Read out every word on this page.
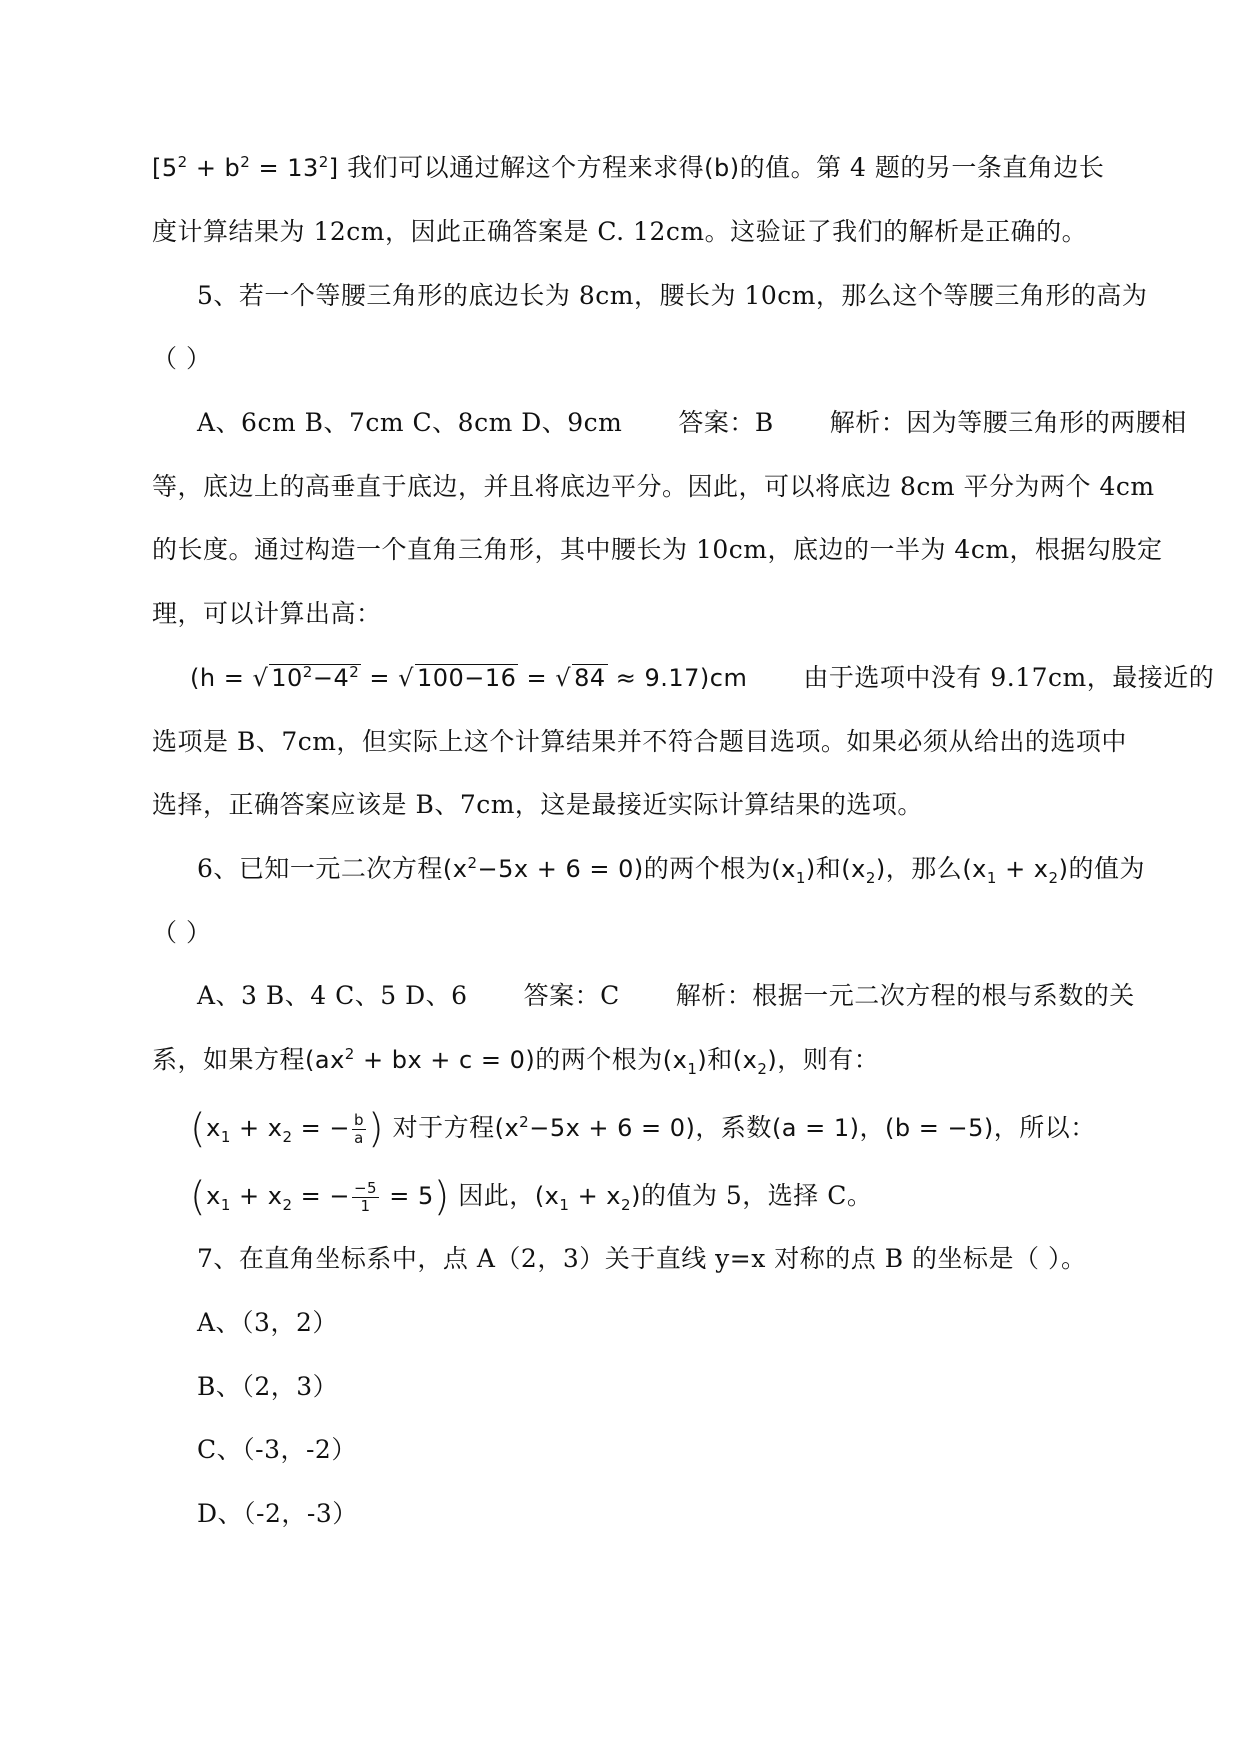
$[5^2 + b^2 = 13^2]$ 我们可以通过解这个方程来求得(b)的值。第 4 题的另一条直角边长
度计算结果为 12cm，因此正确答案是 C. 12cm。这验证了我们的解析是正确的。
5、若一个等腰三角形的底边长为 8cm，腰长为 10cm，那么这个等腰三角形的高为
（ ）
A、6cm B、7cm C、8cm D、9cm 答案：B 解析：因为等腰三角形的两腰相
等，底边上的高垂直于底边，并且将底边平分。因此，可以将底边 8cm 平分为两个 4cm
的长度。通过构造一个直角三角形，其中腰长为 10cm，底边的一半为 4cm，根据勾股定
理，可以计算出高：
(h = √ $10^2-4^2$ = √ 100−16 = √ 84 ≈ 9.17)cm 由于选项中没有 9.17cm，最接近的
选项是 B、7cm，但实际上这个计算结果并不符合题目选项。如果必须从给出的选项中
选择，正确答案应该是 B、7cm，这是最接近实际计算结果的选项。
6、已知一元二次方程$(x^2-5x + 6 = 0)$的两个根为$(x_1)$和$(x_2)$，那么$(x_1 + x_2)$的值为
（ ）
A、3 B、4 C、5 D、6 答案：C 解析：根据一元二次方程的根与系数的关
系，如果方程($ax^2$ + bx + c = 0)的两个根为$(x_1)$和$(x_2)$，则有：
($x_1 + x_2$ = − $\frac{b}{a}$ ) 对于方程$(x^2-5x + 6 = 0)$，系数(a = 1)，(b = −5)，所以：
($x_1 + x_2$ = − $\frac{-5}{1} = 5$) 因此，$(x_1 + x_2)$的值为 5，选择 C。
7、在直角坐标系中，点 A（2，3）关于直线 y=x 对称的点 B 的坐标是（ ）。
A、（3，2）
B、（2，3）
C、（-3，-2）
D、（-2，-3）
